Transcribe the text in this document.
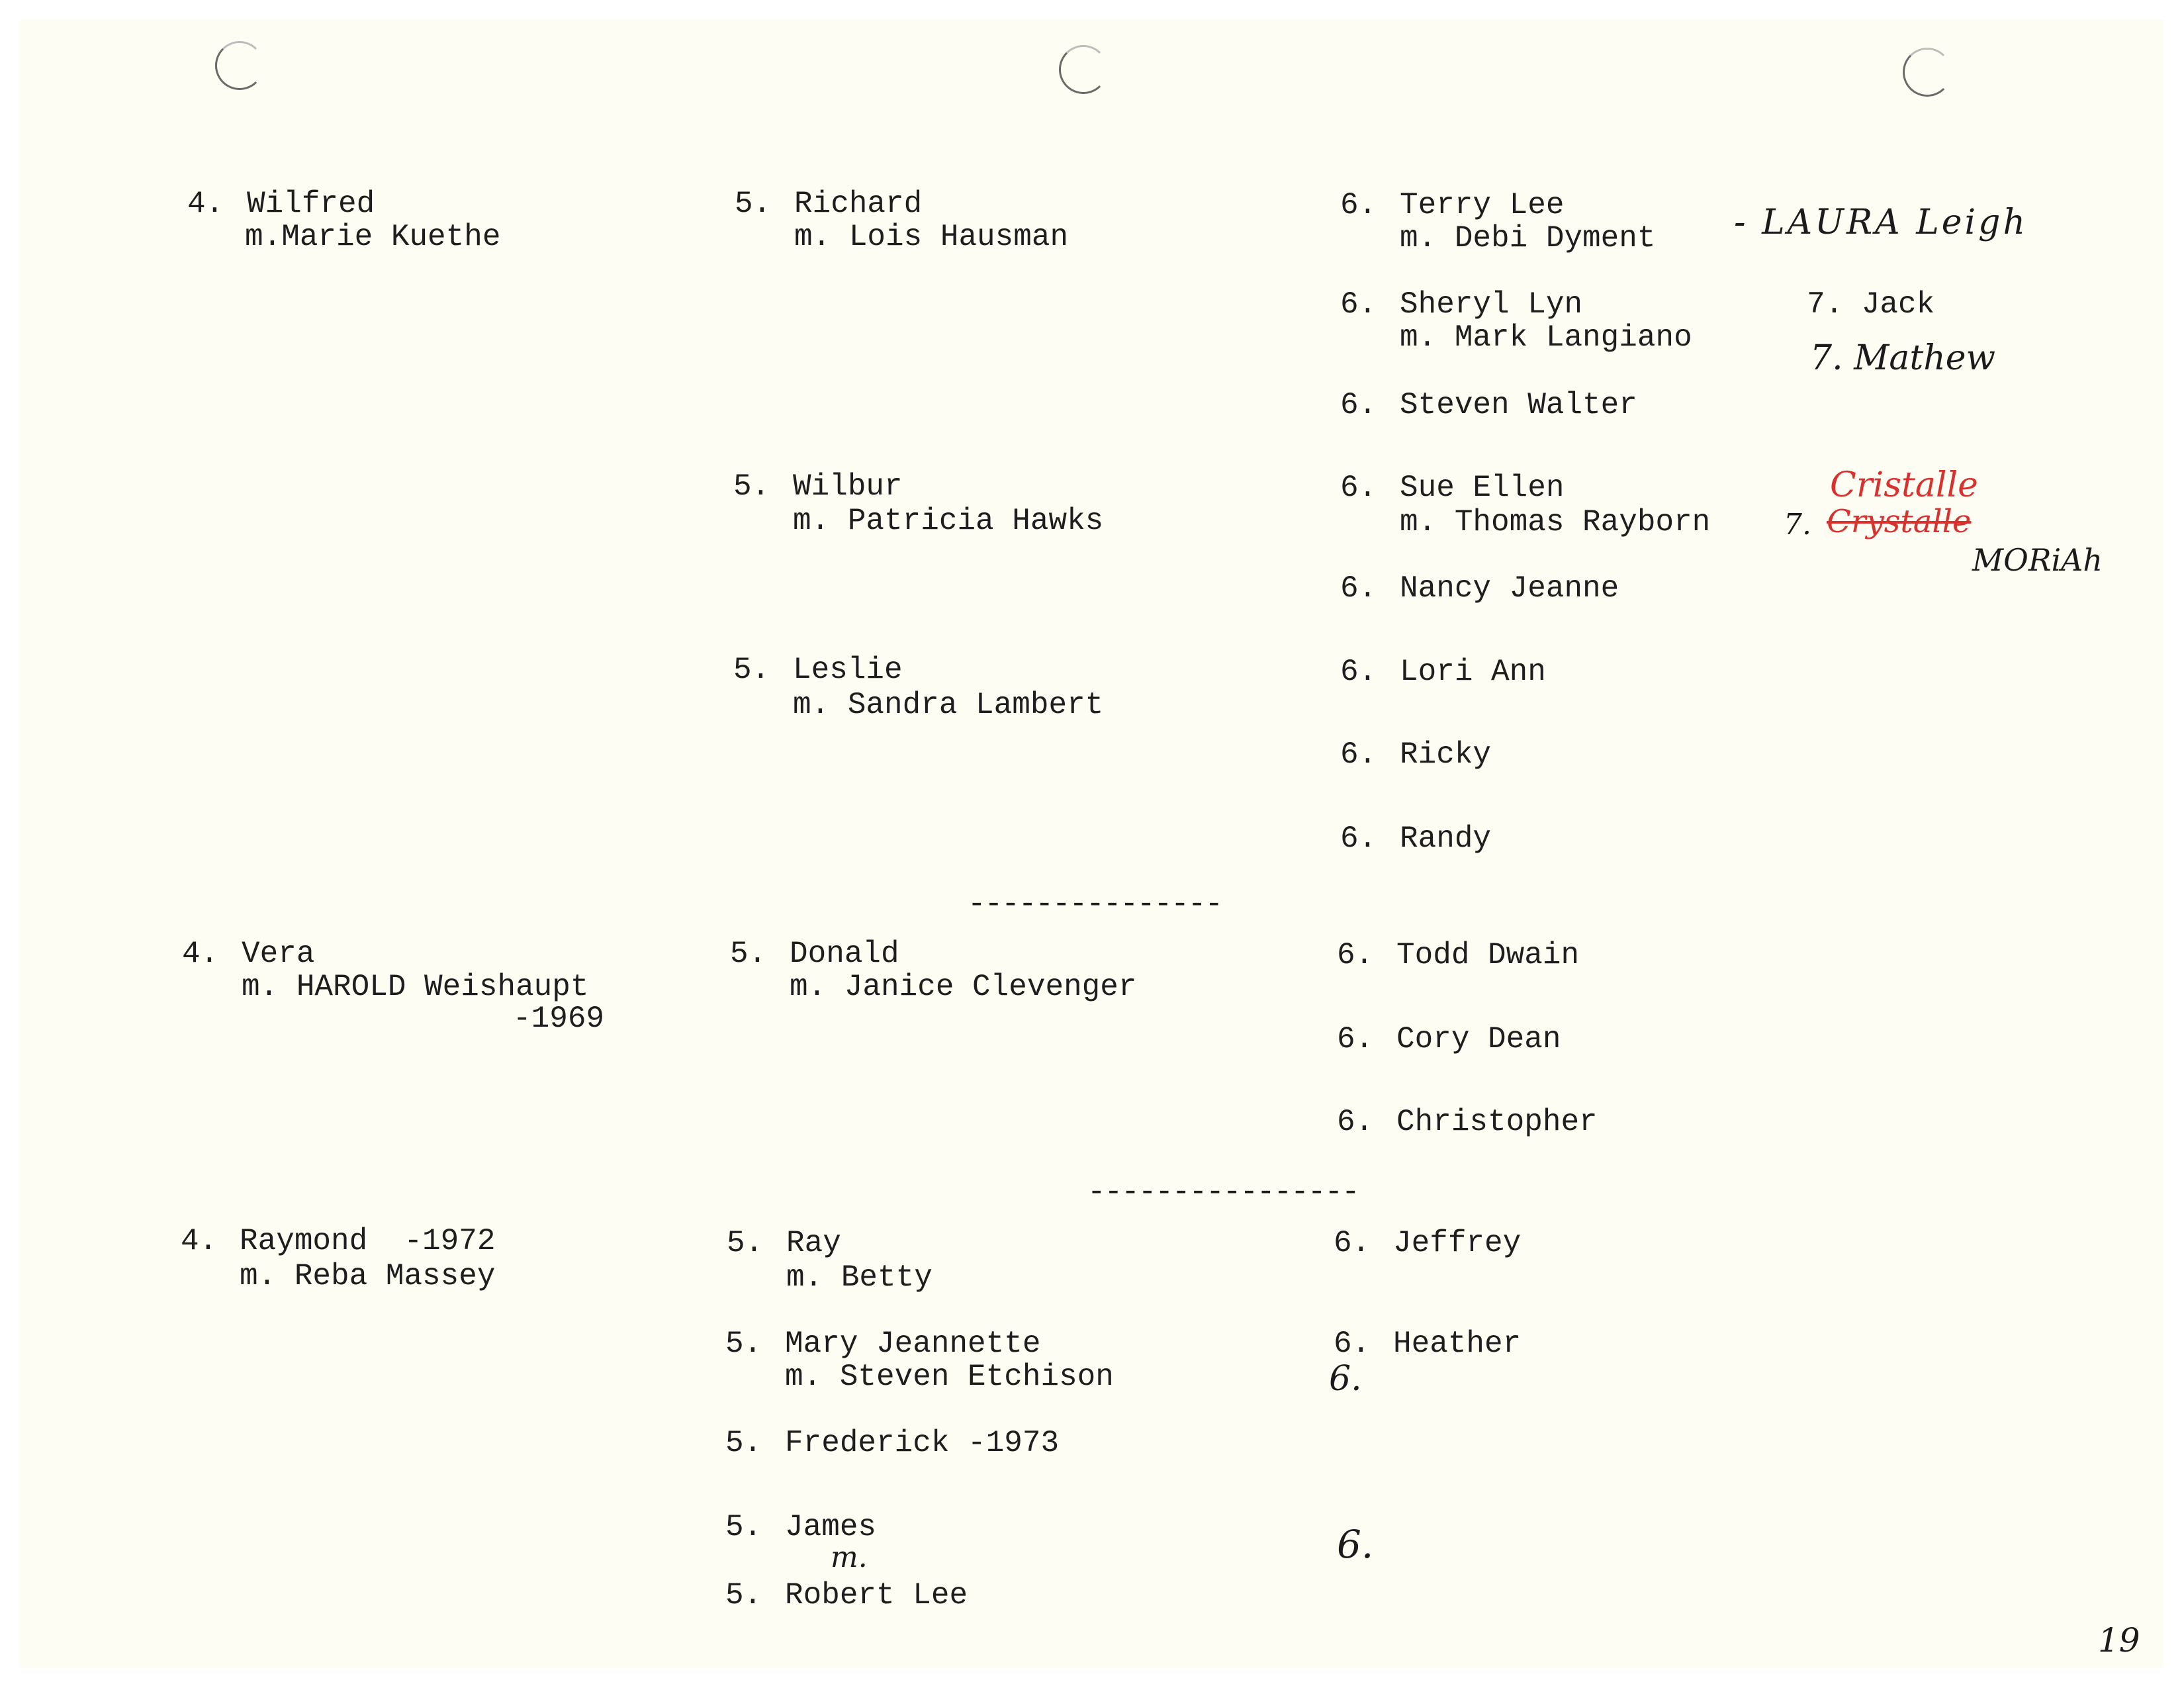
4. Wilfred
m.Marie Kuethe
4. Vera
m. HAROLD Weishaupt
-1969
4. Raymond  -1972
m. Reba Massey
5. Richard
m. Lois Hausman
5. Wilbur
m. Patricia Hawks
5. Leslie
m. Sandra Lambert
---------------
5. Donald
m. Janice Clevenger
----------------
5. Ray
m. Betty
5. Mary Jeannette
m. Steven Etchison
5. Frederick -1973
5. James
m.
5. Robert Lee
6. Terry Lee
m. Debi Dyment - LAURA Leigh
6. Sheryl Lyn
m. Mark Langiano
7. Jack
7. Mathew
6. Steven Walter
6. Sue Ellen
m. Thomas Rayborn
Cristalle
7. Crystalle
MORiAh
6. Nancy Jeanne
6. Lori Ann
6. Ricky
6. Randy
6. Todd Dwain
6. Cory Dean
6. Christopher
6. Jeffrey
6. Heather
6.
6.
19
